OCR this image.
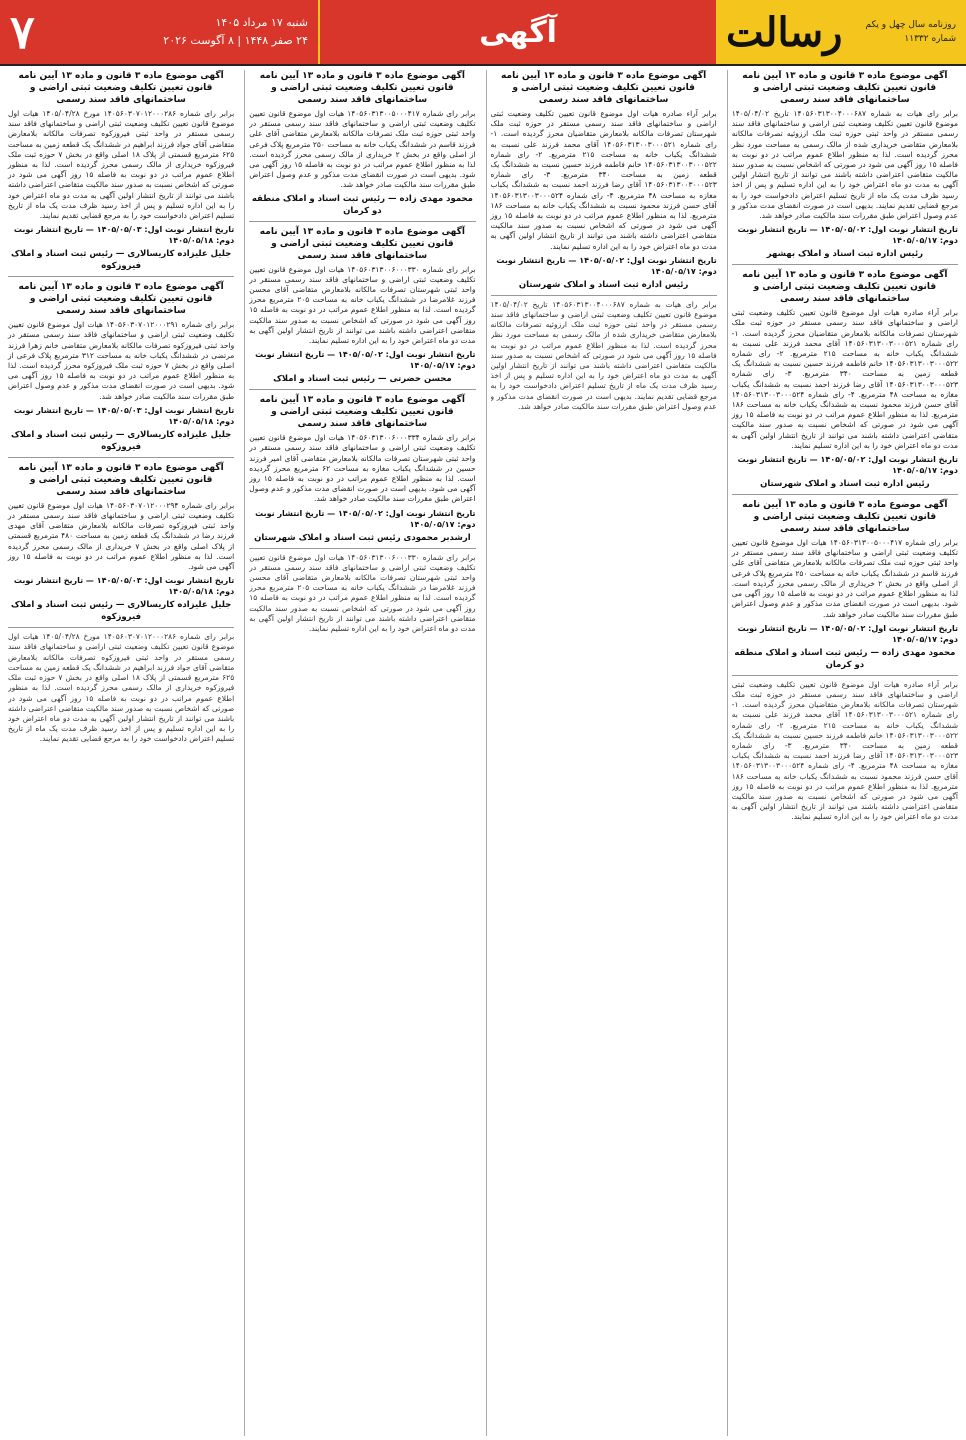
روزنامه سال چهل و یکم
شماره ۱۱۳۳۲
رسالت
آگهی
شنبه ۱۷ مرداد ۱۴۰۵
۲۴ صفر ۱۴۴۸ | ۸ آگوست ۲۰۲۶
۷
آگهی موضوع ماده ۳ قانون و ماده ۱۳ آیین نامه قانون تعیین تکلیف وضعیت ثبتی اراضی و ساختمانهای فاقد سند رسمی
برابر رای هیات به شماره ۱۴۰۵۶۰۳۱۳۰۰۴۰۰۰۶۸۷ تاریخ ۱۴۰۵/۰۴/۰۲ موضوع قانون تعیین تکلیف وضعیت ثبتی اراضی و ساختمانهای فاقد سند رسمی مستقر در واحد ثبتی حوزه ثبت ملک ارزوئیه تصرفات مالکانه بلامعارض متقاضی خریداری شده از مالک رسمی به مساحت مورد نظر محرز گردیده است. لذا به منظور اطلاع عموم مراتب در دو نوبت به فاصله ۱۵ روز آگهی می شود در صورتی که اشخاص نسبت به صدور سند مالکیت متقاضی اعتراضی داشته باشند می توانند از تاریخ انتشار اولین آگهی به مدت دو ماه اعتراض خود را به این اداره تسلیم و پس از اخذ رسید ظرف مدت یک ماه از تاریخ تسلیم اعتراض دادخواست خود را به مرجع قضایی تقدیم نمایند. بدیهی است در صورت انقضای مدت مذکور و عدم وصول اعتراض طبق مقررات سند مالکیت صادر خواهد شد.
تاریخ انتشار نوبت اول: ۱۴۰۵/۰۵/۰۲ — تاریخ انتشار نوبت دوم: ۱۴۰۵/۰۵/۱۷
رئیس اداره ثبت اسناد و املاک بهشهر
آگهی موضوع ماده ۳ قانون و ماده ۱۳ آیین نامه قانون تعیین تکلیف وضعیت ثبتی اراضی و ساختمانهای فاقد سند رسمی
برابر آراء صادره هیات اول موضوع قانون تعیین تکلیف وضعیت ثبتی اراضی و ساختمانهای فاقد سند رسمی مستقر در حوزه ثبت ملک شهرستان تصرفات مالکانه بلامعارض متقاضیان محرز گردیده است. ۱- رای شماره ۱۴۰۵۶۰۳۱۳۰۰۳۰۰۰۵۲۱ آقای محمد فرزند علی نسبت به ششدانگ یکباب خانه به مساحت ۲۱۵ مترمربع. ۲- رای شماره ۱۴۰۵۶۰۳۱۳۰۰۳۰۰۰۵۲۲ خانم فاطمه فرزند حسین نسبت به ششدانگ یک قطعه زمین به مساحت ۳۴۰ مترمربع. ۳- رای شماره ۱۴۰۵۶۰۳۱۳۰۰۳۰۰۰۵۲۳ آقای رضا فرزند احمد نسبت به ششدانگ یکباب مغازه به مساحت ۴۸ مترمربع. ۴- رای شماره ۱۴۰۵۶۰۳۱۳۰۰۳۰۰۰۵۲۴ آقای حسن فرزند محمود نسبت به ششدانگ یکباب خانه به مساحت ۱۸۶ مترمربع. لذا به منظور اطلاع عموم مراتب در دو نوبت به فاصله ۱۵ روز آگهی می شود در صورتی که اشخاص نسبت به صدور سند مالکیت متقاضی اعتراضی داشته باشند می توانند از تاریخ انتشار اولین آگهی به مدت دو ماه اعتراض خود را به این اداره تسلیم نمایند.
تاریخ انتشار نوبت اول: ۱۴۰۵/۰۵/۰۲ — تاریخ انتشار نوبت دوم: ۱۴۰۵/۰۵/۱۷
رئیس اداره ثبت اسناد و املاک شهرستان
آگهی موضوع ماده ۳ قانون و ماده ۱۳ آیین نامه قانون تعیین تکلیف وضعیت ثبتی اراضی و ساختمانهای فاقد سند رسمی
برابر رای شماره ۱۴۰۵۶۰۳۱۳۰۰۵۰۰۰۴۱۷ هیات اول موضوع قانون تعیین تکلیف وضعیت ثبتی اراضی و ساختمانهای فاقد سند رسمی مستقر در واحد ثبتی حوزه ثبت ملک تصرفات مالکانه بلامعارض متقاضی آقای علی فرزند قاسم در ششدانگ یکباب خانه به مساحت ۲۵۰ مترمربع پلاک فرعی از اصلی واقع در بخش ۲ خریداری از مالک رسمی محرز گردیده است. لذا به منظور اطلاع عموم مراتب در دو نوبت به فاصله ۱۵ روز آگهی می شود. بدیهی است در صورت انقضای مدت مذکور و عدم وصول اعتراض طبق مقررات سند مالکیت صادر خواهد شد.
تاریخ انتشار نوبت اول: ۱۴۰۵/۰۵/۰۲ — تاریخ انتشار نوبت دوم: ۱۴۰۵/۰۵/۱۷
محمود مهدی زاده — رئیس ثبت اسناد و املاک منطقه دو کرمان
برابر آراء صادره هیات اول موضوع قانون تعیین تکلیف وضعیت ثبتی اراضی و ساختمانهای فاقد سند رسمی مستقر در حوزه ثبت ملک شهرستان تصرفات مالکانه بلامعارض متقاضیان محرز گردیده است. ۱- رای شماره ۱۴۰۵۶۰۳۱۳۰۰۳۰۰۰۵۲۱ آقای محمد فرزند علی نسبت به ششدانگ یکباب خانه به مساحت ۲۱۵ مترمربع. ۲- رای شماره ۱۴۰۵۶۰۳۱۳۰۰۳۰۰۰۵۲۲ خانم فاطمه فرزند حسین نسبت به ششدانگ یک قطعه زمین به مساحت ۳۴۰ مترمربع. ۳- رای شماره ۱۴۰۵۶۰۳۱۳۰۰۳۰۰۰۵۲۳ آقای رضا فرزند احمد نسبت به ششدانگ یکباب مغازه به مساحت ۴۸ مترمربع. ۴- رای شماره ۱۴۰۵۶۰۳۱۳۰۰۳۰۰۰۵۲۴ آقای حسن فرزند محمود نسبت به ششدانگ یکباب خانه به مساحت ۱۸۶ مترمربع. لذا به منظور اطلاع عموم مراتب در دو نوبت به فاصله ۱۵ روز آگهی می شود در صورتی که اشخاص نسبت به صدور سند مالکیت متقاضی اعتراضی داشته باشند می توانند از تاریخ انتشار اولین آگهی به مدت دو ماه اعتراض خود را به این اداره تسلیم نمایند.
آگهی موضوع ماده ۳ قانون و ماده ۱۳ آیین نامه قانون تعیین تکلیف وضعیت ثبتی اراضی و ساختمانهای فاقد سند رسمی
برابر آراء صادره هیات اول موضوع قانون تعیین تکلیف وضعیت ثبتی اراضی و ساختمانهای فاقد سند رسمی مستقر در حوزه ثبت ملک شهرستان تصرفات مالکانه بلامعارض متقاضیان محرز گردیده است. ۱- رای شماره ۱۴۰۵۶۰۳۱۳۰۰۳۰۰۰۵۲۱ آقای محمد فرزند علی نسبت به ششدانگ یکباب خانه به مساحت ۲۱۵ مترمربع. ۲- رای شماره ۱۴۰۵۶۰۳۱۳۰۰۳۰۰۰۵۲۲ خانم فاطمه فرزند حسین نسبت به ششدانگ یک قطعه زمین به مساحت ۳۴۰ مترمربع. ۳- رای شماره ۱۴۰۵۶۰۳۱۳۰۰۳۰۰۰۵۲۳ آقای رضا فرزند احمد نسبت به ششدانگ یکباب مغازه به مساحت ۴۸ مترمربع. ۴- رای شماره ۱۴۰۵۶۰۳۱۳۰۰۳۰۰۰۵۲۴ آقای حسن فرزند محمود نسبت به ششدانگ یکباب خانه به مساحت ۱۸۶ مترمربع. لذا به منظور اطلاع عموم مراتب در دو نوبت به فاصله ۱۵ روز آگهی می شود در صورتی که اشخاص نسبت به صدور سند مالکیت متقاضی اعتراضی داشته باشند می توانند از تاریخ انتشار اولین آگهی به مدت دو ماه اعتراض خود را به این اداره تسلیم نمایند.
تاریخ انتشار نوبت اول: ۱۴۰۵/۰۵/۰۲ — تاریخ انتشار نوبت دوم: ۱۴۰۵/۰۵/۱۷
رئیس اداره ثبت اسناد و املاک شهرستان
برابر رای هیات به شماره ۱۴۰۵۶۰۳۱۳۰۰۴۰۰۰۶۸۷ تاریخ ۱۴۰۵/۰۴/۰۲ موضوع قانون تعیین تکلیف وضعیت ثبتی اراضی و ساختمانهای فاقد سند رسمی مستقر در واحد ثبتی حوزه ثبت ملک ارزوئیه تصرفات مالکانه بلامعارض متقاضی خریداری شده از مالک رسمی به مساحت مورد نظر محرز گردیده است. لذا به منظور اطلاع عموم مراتب در دو نوبت به فاصله ۱۵ روز آگهی می شود در صورتی که اشخاص نسبت به صدور سند مالکیت متقاضی اعتراضی داشته باشند می توانند از تاریخ انتشار اولین آگهی به مدت دو ماه اعتراض خود را به این اداره تسلیم و پس از اخذ رسید ظرف مدت یک ماه از تاریخ تسلیم اعتراض دادخواست خود را به مرجع قضایی تقدیم نمایند. بدیهی است در صورت انقضای مدت مذکور و عدم وصول اعتراض طبق مقررات سند مالکیت صادر خواهد شد.
آگهی موضوع ماده ۳ قانون و ماده ۱۳ آیین نامه قانون تعیین تکلیف وضعیت ثبتی اراضی و ساختمانهای فاقد سند رسمی
برابر رای شماره ۱۴۰۵۶۰۳۱۳۰۰۵۰۰۰۴۱۷ هیات اول موضوع قانون تعیین تکلیف وضعیت ثبتی اراضی و ساختمانهای فاقد سند رسمی مستقر در واحد ثبتی حوزه ثبت ملک تصرفات مالکانه بلامعارض متقاضی آقای علی فرزند قاسم در ششدانگ یکباب خانه به مساحت ۲۵۰ مترمربع پلاک فرعی از اصلی واقع در بخش ۲ خریداری از مالک رسمی محرز گردیده است. لذا به منظور اطلاع عموم مراتب در دو نوبت به فاصله ۱۵ روز آگهی می شود. بدیهی است در صورت انقضای مدت مذکور و عدم وصول اعتراض طبق مقررات سند مالکیت صادر خواهد شد.
محمود مهدی زاده — رئیس ثبت اسناد و املاک منطقه دو کرمان
آگهی موضوع ماده ۳ قانون و ماده ۱۳ آیین نامه قانون تعیین تکلیف وضعیت ثبتی اراضی و ساختمانهای فاقد سند رسمی
برابر رای شماره ۱۴۰۵۶۰۳۱۳۰۰۶۰۰۰۳۳۰ هیات اول موضوع قانون تعیین تکلیف وضعیت ثبتی اراضی و ساختمانهای فاقد سند رسمی مستقر در واحد ثبتی شهرستان تصرفات مالکانه بلامعارض متقاضی آقای محسن فرزند غلامرضا در ششدانگ یکباب خانه به مساحت ۲۰۵ مترمربع محرز گردیده است. لذا به منظور اطلاع عموم مراتب در دو نوبت به فاصله ۱۵ روز آگهی می شود در صورتی که اشخاص نسبت به صدور سند مالکیت متقاضی اعتراضی داشته باشند می توانند از تاریخ انتشار اولین آگهی به مدت دو ماه اعتراض خود را به این اداره تسلیم نمایند.
تاریخ انتشار نوبت اول: ۱۴۰۵/۰۵/۰۲ — تاریخ انتشار نوبت دوم: ۱۴۰۵/۰۵/۱۷
محسن حضرتی — رئیس ثبت اسناد و املاک
آگهی موضوع ماده ۳ قانون و ماده ۱۳ آیین نامه قانون تعیین تکلیف وضعیت ثبتی اراضی و ساختمانهای فاقد سند رسمی
برابر رای شماره ۱۴۰۵۶۰۳۱۳۰۰۶۰۰۰۳۳۴ هیات اول موضوع قانون تعیین تکلیف وضعیت ثبتی اراضی و ساختمانهای فاقد سند رسمی مستقر در واحد ثبتی شهرستان تصرفات مالکانه بلامعارض متقاضی آقای امیر فرزند حسین در ششدانگ یکباب مغازه به مساحت ۶۲ مترمربع محرز گردیده است. لذا به منظور اطلاع عموم مراتب در دو نوبت به فاصله ۱۵ روز آگهی می شود. بدیهی است در صورت انقضای مدت مذکور و عدم وصول اعتراض طبق مقررات سند مالکیت صادر خواهد شد.
تاریخ انتشار نوبت اول: ۱۴۰۵/۰۵/۰۲ — تاریخ انتشار نوبت دوم: ۱۴۰۵/۰۵/۱۷
ارشدبر محمودی رئیس ثبت اسناد و املاک شهرستان
برابر رای شماره ۱۴۰۵۶۰۳۱۳۰۰۶۰۰۰۳۳۰ هیات اول موضوع قانون تعیین تکلیف وضعیت ثبتی اراضی و ساختمانهای فاقد سند رسمی مستقر در واحد ثبتی شهرستان تصرفات مالکانه بلامعارض متقاضی آقای محسن فرزند غلامرضا در ششدانگ یکباب خانه به مساحت ۲۰۵ مترمربع محرز گردیده است. لذا به منظور اطلاع عموم مراتب در دو نوبت به فاصله ۱۵ روز آگهی می شود در صورتی که اشخاص نسبت به صدور سند مالکیت متقاضی اعتراضی داشته باشند می توانند از تاریخ انتشار اولین آگهی به مدت دو ماه اعتراض خود را به این اداره تسلیم نمایند.
آگهی موضوع ماده ۳ قانون و ماده ۱۳ آیین نامه قانون تعیین تکلیف وضعیت ثبتی اراضی و ساختمانهای فاقد سند رسمی
برابر رای شماره ۱۴۰۵۶۰۳۰۷۰۱۲۰۰۰۲۸۶ مورخ ۱۴۰۵/۰۴/۲۸ هیات اول موضوع قانون تعیین تکلیف وضعیت ثبتی اراضی و ساختمانهای فاقد سند رسمی مستقر در واحد ثبتی فیروزکوه تصرفات مالکانه بلامعارض متقاضی آقای جواد فرزند ابراهیم در ششدانگ یک قطعه زمین به مساحت ۶۲۵ مترمربع قسمتی از پلاک ۱۸ اصلی واقع در بخش ۷ حوزه ثبت ملک فیروزکوه خریداری از مالک رسمی محرز گردیده است. لذا به منظور اطلاع عموم مراتب در دو نوبت به فاصله ۱۵ روز آگهی می شود در صورتی که اشخاص نسبت به صدور سند مالکیت متقاضی اعتراضی داشته باشند می توانند از تاریخ انتشار اولین آگهی به مدت دو ماه اعتراض خود را به این اداره تسلیم و پس از اخذ رسید ظرف مدت یک ماه از تاریخ تسلیم اعتراض دادخواست خود را به مرجع قضایی تقدیم نمایند.
تاریخ انتشار نوبت اول: ۱۴۰۵/۰۵/۰۳ — تاریخ انتشار نوبت دوم: ۱۴۰۵/۰۵/۱۸
جلیل علیزاده کاریسالاری — رئیس ثبت اسناد و املاک فیروزکوه
آگهی موضوع ماده ۳ قانون و ماده ۱۳ آیین نامه قانون تعیین تکلیف وضعیت ثبتی اراضی و ساختمانهای فاقد سند رسمی
برابر رای شماره ۱۴۰۵۶۰۳۰۷۰۱۲۰۰۰۲۹۱ هیات اول موضوع قانون تعیین تکلیف وضعیت ثبتی اراضی و ساختمانهای فاقد سند رسمی مستقر در واحد ثبتی فیروزکوه تصرفات مالکانه بلامعارض متقاضی خانم زهرا فرزند مرتضی در ششدانگ یکباب خانه به مساحت ۳۱۲ مترمربع پلاک فرعی از اصلی واقع در بخش ۷ حوزه ثبت ملک فیروزکوه محرز گردیده است. لذا به منظور اطلاع عموم مراتب در دو نوبت به فاصله ۱۵ روز آگهی می شود. بدیهی است در صورت انقضای مدت مذکور و عدم وصول اعتراض طبق مقررات سند مالکیت صادر خواهد شد.
تاریخ انتشار نوبت اول: ۱۴۰۵/۰۵/۰۳ — تاریخ انتشار نوبت دوم: ۱۴۰۵/۰۵/۱۸
جلیل علیزاده کاریسالاری — رئیس ثبت اسناد و املاک فیروزکوه
آگهی موضوع ماده ۳ قانون و ماده ۱۳ آیین نامه قانون تعیین تکلیف وضعیت ثبتی اراضی و ساختمانهای فاقد سند رسمی
برابر رای شماره ۱۴۰۵۶۰۳۰۷۰۱۲۰۰۰۲۹۴ هیات اول موضوع قانون تعیین تکلیف وضعیت ثبتی اراضی و ساختمانهای فاقد سند رسمی مستقر در واحد ثبتی فیروزکوه تصرفات مالکانه بلامعارض متقاضی آقای مهدی فرزند رضا در ششدانگ یک قطعه زمین به مساحت ۴۸۰ مترمربع قسمتی از پلاک اصلی واقع در بخش ۷ خریداری از مالک رسمی محرز گردیده است. لذا به منظور اطلاع عموم مراتب در دو نوبت به فاصله ۱۵ روز آگهی می شود.
تاریخ انتشار نوبت اول: ۱۴۰۵/۰۵/۰۳ — تاریخ انتشار نوبت دوم: ۱۴۰۵/۰۵/۱۸
جلیل علیزاده کاریسالاری — رئیس ثبت اسناد و املاک فیروزکوه
برابر رای شماره ۱۴۰۵۶۰۳۰۷۰۱۲۰۰۰۲۸۶ مورخ ۱۴۰۵/۰۴/۲۸ هیات اول موضوع قانون تعیین تکلیف وضعیت ثبتی اراضی و ساختمانهای فاقد سند رسمی مستقر در واحد ثبتی فیروزکوه تصرفات مالکانه بلامعارض متقاضی آقای جواد فرزند ابراهیم در ششدانگ یک قطعه زمین به مساحت ۶۲۵ مترمربع قسمتی از پلاک ۱۸ اصلی واقع در بخش ۷ حوزه ثبت ملک فیروزکوه خریداری از مالک رسمی محرز گردیده است. لذا به منظور اطلاع عموم مراتب در دو نوبت به فاصله ۱۵ روز آگهی می شود در صورتی که اشخاص نسبت به صدور سند مالکیت متقاضی اعتراضی داشته باشند می توانند از تاریخ انتشار اولین آگهی به مدت دو ماه اعتراض خود را به این اداره تسلیم و پس از اخذ رسید ظرف مدت یک ماه از تاریخ تسلیم اعتراض دادخواست خود را به مرجع قضایی تقدیم نمایند.
